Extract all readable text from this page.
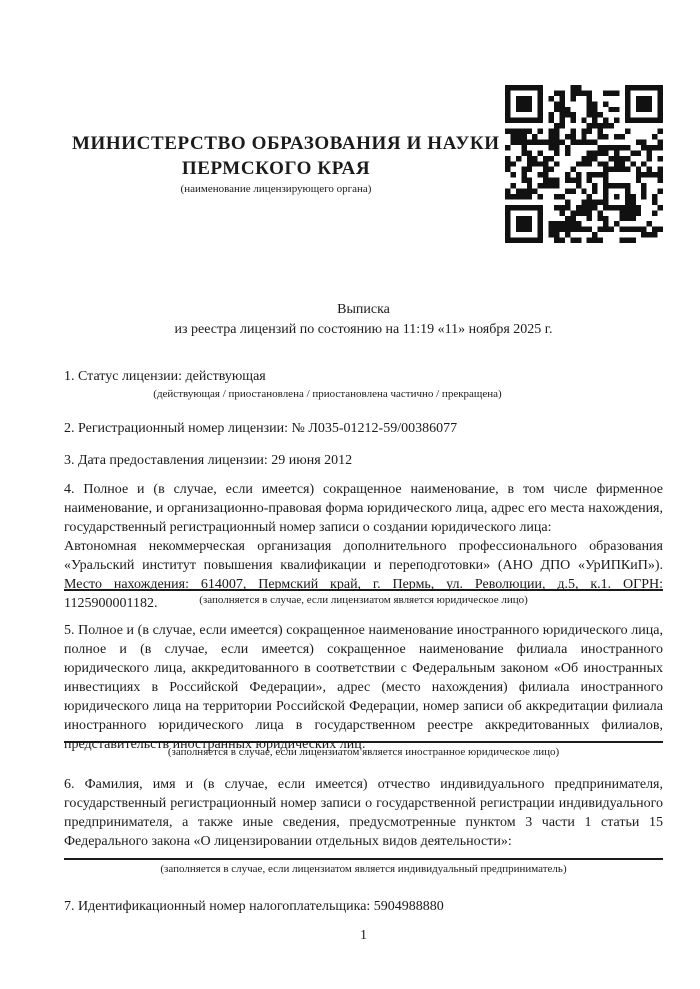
МИНИСТЕРСТВО ОБРАЗОВАНИЯ И НАУКИ
ПЕРМСКОГО КРАЯ
(наименование лицензирующего органа)
Выписка
из реестра лицензий по состоянию на 11:19 «11» ноября 2025 г.
1. Статус лицензии: действующая
(действующая / приостановлена / приостановлена частично / прекращена)
2. Регистрационный номер лицензии: № Л035-01212-59/00386077
3. Дата предоставления лицензии: 29 июня 2012
4. Полное и (в случае, если имеется) сокращенное наименование, в том числе фирменное наименование, и организационно-правовая форма юридического лица, адрес его места нахождения, государственный регистрационный номер записи о создании юридического лица:
Автономная некоммерческая организация дополнительного профессионального образования «Уральский институт повышения квалификации и переподготовки» (АНО ДПО «УрИПКиП»). Место нахождения: 614007, Пермский край, г. Пермь, ул. Революции, д.5, к.1. ОГРН: 1125900001182.	(заполняется в случае, если лицензиатом является юридическое лицо)
5. Полное и (в случае, если имеется) сокращенное наименование иностранного юридического лица, полное и (в случае, если имеется) сокращенное наименование филиала иностранного юридического лица, аккредитованного в соответствии с Федеральным законом «Об иностранных инвестициях в Российской Федерации», адрес (место нахождения) филиала иностранного юридического лица на территории Российской Федерации, номер записи об аккредитации филиала иностранного юридического лица в государственном реестре аккредитованных филиалов, представительств иностранных юридических лиц:
(заполняется в случае, если лицензиатом является иностранное юридическое лицо)
6. Фамилия, имя и (в случае, если имеется) отчество индивидуального предпринимателя, государственный регистрационный номер записи о государственной регистрации индивидуального предпринимателя, а также иные сведения, предусмотренные пунктом 3 части 1 статьи 15 Федерального закона «О лицензировании отдельных видов деятельности»:
(заполняется в случае, если лицензиатом является индивидуальный предприниматель)
7. Идентификационный номер налогоплательщика: 5904988880
1
